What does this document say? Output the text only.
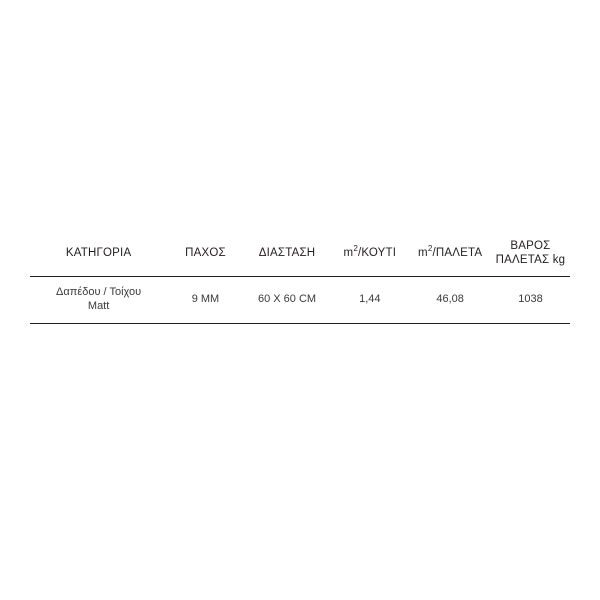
ΚΑΤΗΓΟΡΙΑ	ΠΑΧΟΣ	ΔΙΑΣΤΑΣΗ	$m^2$/ΚΟΥΤΙ	$m^2$/ΠΑΛΕΤΑ	ΒΑΡΟΣ
ΠΑΛΕΤΑΣ kg

Δαπέδου / Τοίχου
Matt	9 ΜΜ	60 X 60 CM	1,44	46,08	1038
